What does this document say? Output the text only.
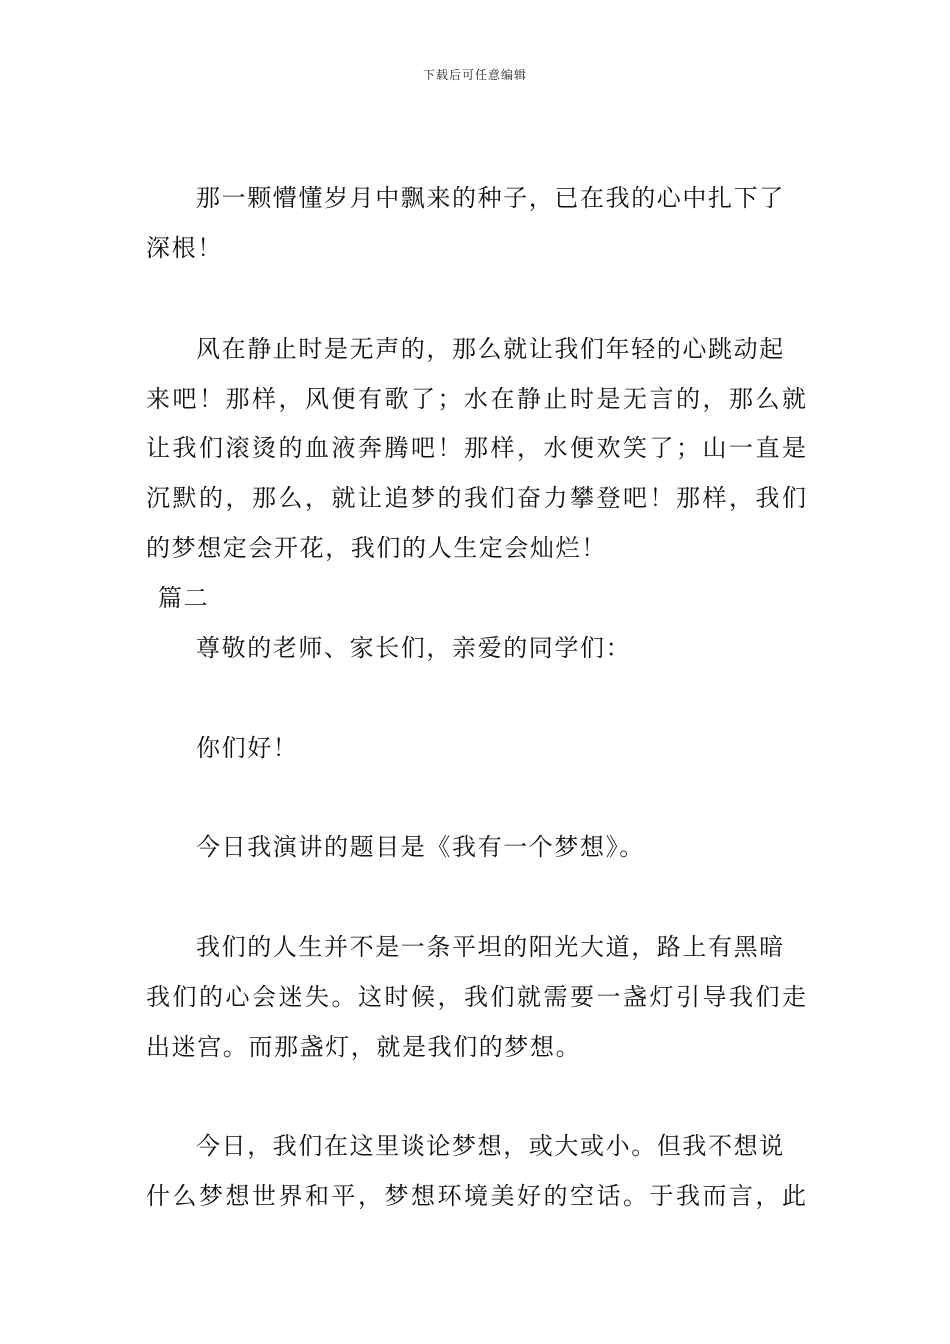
下载后可任意编辑
那一颗懵懂岁月中飘来的种子，已在我的心中扎下了
深根！
风在静止时是无声的，那么就让我们年轻的心跳动起
来吧！那样，风便有歌了；水在静止时是无言的，那么就
让我们滚烫的血液奔腾吧！那样，水便欢笑了；山一直是
沉默的，那么，就让追梦的我们奋力攀登吧！那样，我们
的梦想定会开花，我们的人生定会灿烂！
篇二
尊敬的老师、家长们，亲爱的同学们：
你们好！
今日我演讲的题目是《我有一个梦想》。
我们的人生并不是一条平坦的阳光大道，路上有黑暗
我们的心会迷失。这时候，我们就需要一盏灯引导我们走
出迷宫。而那盏灯，就是我们的梦想。
今日，我们在这里谈论梦想，或大或小。但我不想说
什么梦想世界和平，梦想环境美好的空话。于我而言，此
